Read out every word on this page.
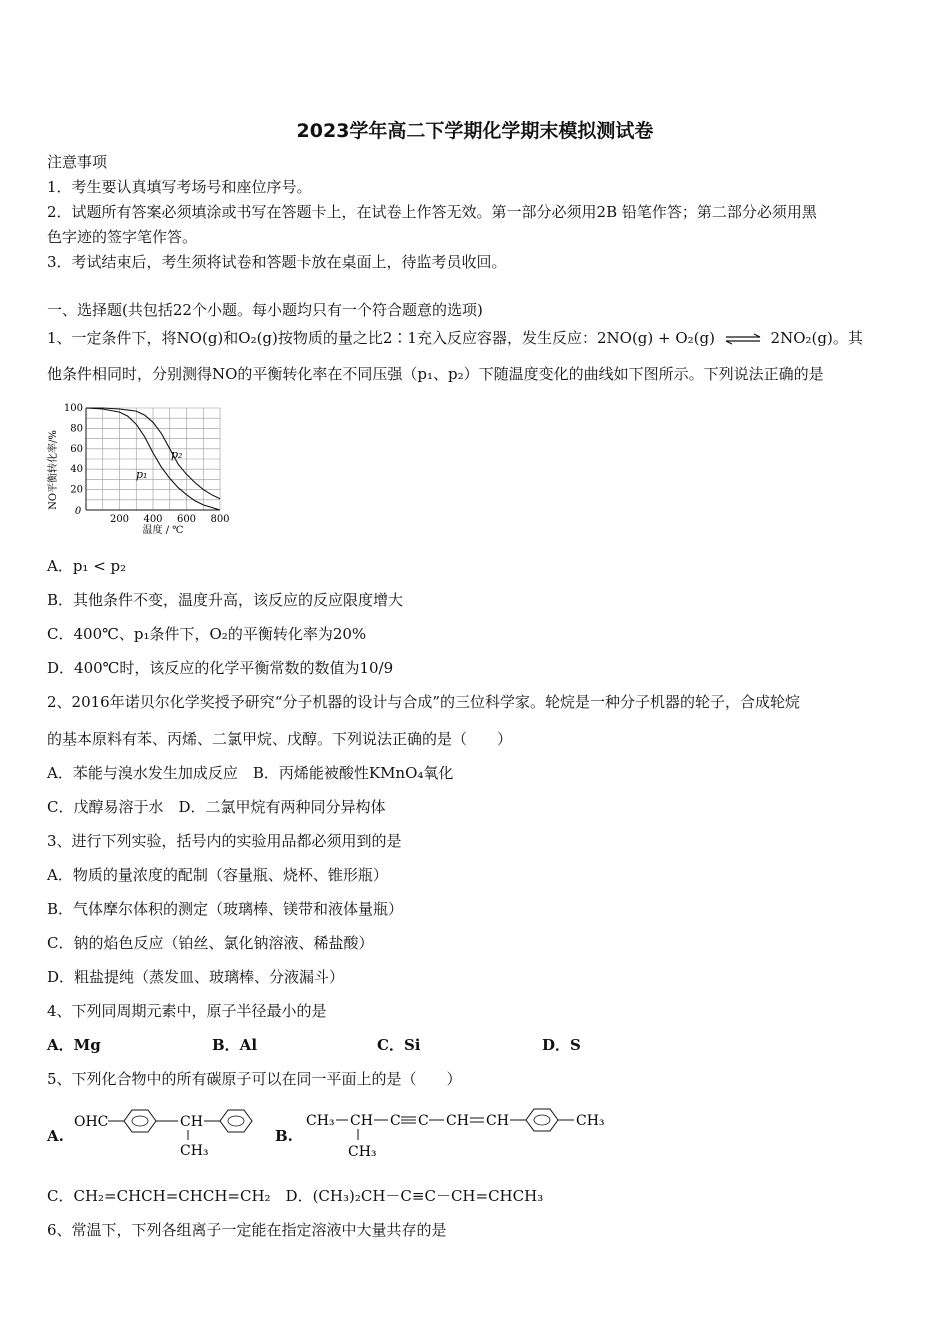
2023学年高二下学期化学期末模拟测试卷
注意事项
1．考生要认真填写考场号和座位序号。
2．试题所有答案必须填涂或书写在答题卡上，在试卷上作答无效。第一部分必须用2B 铅笔作答；第二部分必须用黑
色字迹的签字笔作答。
3．考试结束后，考生须将试卷和答题卡放在桌面上，待监考员收回。
一、选择题(共包括22个小题。每小题均只有一个符合题意的选项)
1、一定条件下，将NO(g)和O₂(g)按物质的量之比2∶1充入反应容器，发生反应：2NO(g) + O₂(g) ⇌ 2NO₂(g)。其
他条件相同时，分别测得NO的平衡转化率在不同压强（p₁、p₂）下随温度变化的曲线如下图所示。下列说法正确的是
0
200 400 600 800
20
40
60
80
100
NO平衡转化率/%
温度 / ℃
p₂
p₁
A．p₁ < p₂
B．其他条件不变，温度升高，该反应的反应限度增大
C．400℃、p₁条件下，O₂的平衡转化率为20%
D．400℃时，该反应的化学平衡常数的数值为10/9
2、2016年诺贝尔化学奖授予研究“分子机器的设计与合成”的三位科学家。轮烷是一种分子机器的轮子，合成轮烷
的基本原料有苯、丙烯、二氯甲烷、戊醇。下列说法正确的是（　　）
A．苯能与溴水发生加成反应　B．丙烯能被酸性KMnO₄氧化
C．戊醇易溶于水　D．二氯甲烷有两种同分异构体
3、进行下列实验，括号内的实验用品都必须用到的是
A．物质的量浓度的配制（容量瓶、烧杯、锥形瓶）
B．气体摩尔体积的测定（玻璃棒、镁带和液体量瓶）
C．钠的焰色反应（铂丝、氯化钠溶液、稀盐酸）
D．粗盐提纯（蒸发皿、玻璃棒、分液漏斗）
4、下列同周期元素中，原子半径最小的是
A．Mg	B．Al	C．Si	D．S
5、下列化合物中的所有碳原子可以在同一平面上的是（　　）
A.	B.
OHC	CH
CH₃
CH₃ CH
CH₃
C C CH CH	CH₃
C．CH₂=CHCH=CHCH=CH₂　D．(CH₃)₂CH－C≡C－CH=CHCH₃
6、常温下，下列各组离子一定能在指定溶液中大量共存的是
